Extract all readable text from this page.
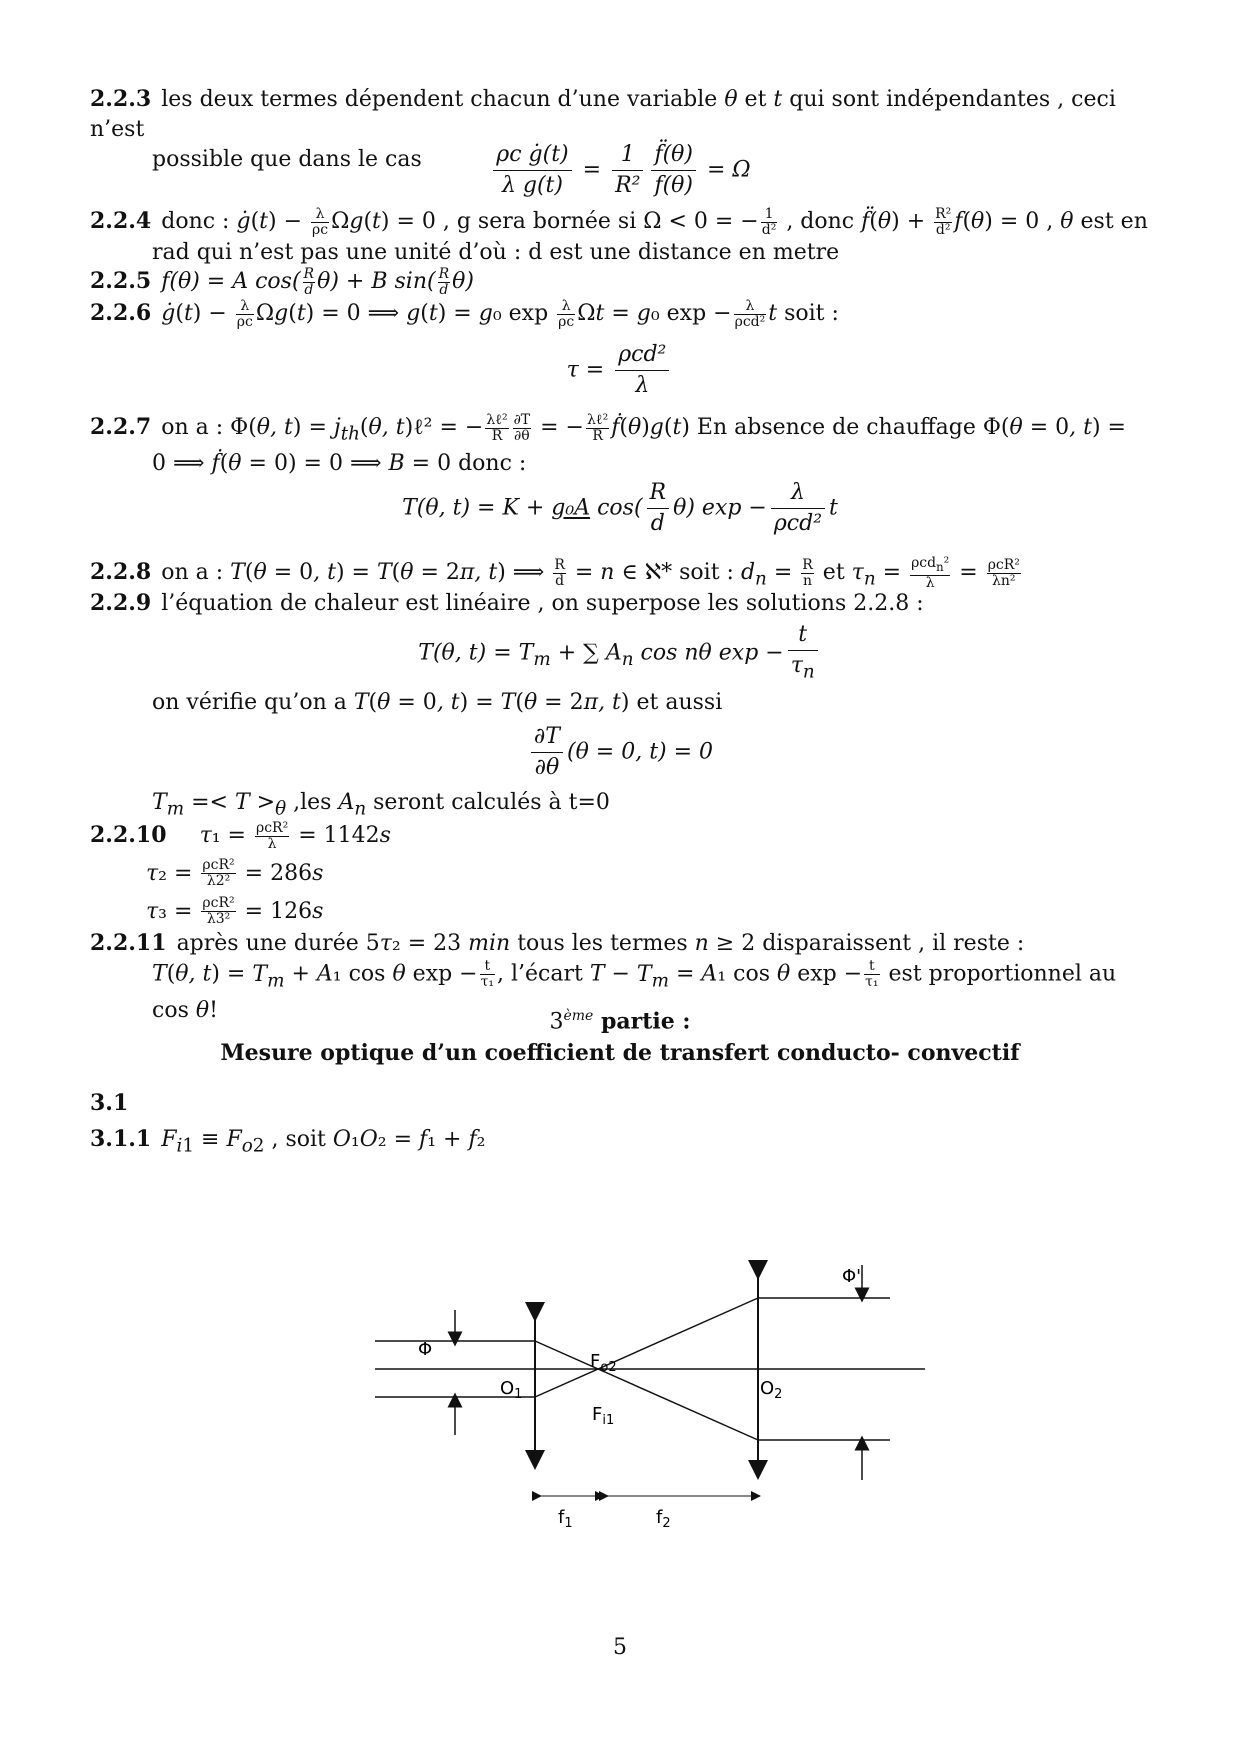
2.2.3 les deux termes dépendent chacun d’une variable θ et t qui sont indépendantes , ceci n’est
possible que dans le cas	$\frac{\text{ρc ġ(t)}}{\text{λ g(t)}} = \frac{1}{\text{R²}} \frac{f̈(\theta)}{f(\theta)} = \Omega$
2.2.4 donc : ġ(t) − $\frac{\lambda}{\rho c} \Omega g(t) = 0$ , g sera bornée si Ω < 0 = − $\frac{1}{\text{d²}}$ , donc f̈(θ) + $\frac{\text{R²}}{\text{d²}} f(\theta) = 0$ , θ est en
rad qui n’est pas une unité d’où : d est une distance en metre
2.2.5 f(θ) = A $\cos( \frac{R}{d} \theta) + B$ $\sin( \frac{R}{d} \theta)$
2.2.6 ġ(t) − $\frac{\lambda}{\rho c} \Omega g(t) = 0$ ⟹ g(t) = g₀ $\exp \frac{\lambda}{\rho c}$ Ωt = g₀ exp − λ
ρcd² t soit :
$\tau = \frac{\text{ρcd²}}{\lambda}$
2.2.7 on a : Φ(θ, $t) = j_{th}(\theta$, t)ℓ² = − λℓ²
R $\frac{\partial T}{\partial\theta}$ = − λℓ²
R ḟ(θ)g(t) En absence de chauffage Φ(θ = 0, t) =
0 ⟹ ḟ(θ = 0) = 0 ⟹ B = 0 donc :
T(θ, t) = K + g₀A $\cos( \frac{R}{d} \theta)$ $\exp - \frac{\lambda}{\text{ρcd²}}$ t
2.2.8 on a : T(θ = 0, t) = T(θ = 2π, t) ⟹ $\frac{R}{d} = n$ ∈ ℵ* soit : $d_n = \frac{R}{n}$ et $\tau_n = \rho cd_n^2$
λ = ρcR²
λn²
2.2.9 l’équation de chaleur est linéaire , on superpose les solutions 2.2.8 :
T(θ, $t) = T_m$ + ∑ $A_n$ cos nθ $\exp - \frac{t}{\tau_n}$
on vérifie qu’on a T(θ = 0, t) = T(θ = 2π, t) et aussi
$\frac{\partial T}{\partial\theta} (\theta = 0$, t) = 0
$T_m =< T >_\theta$ ,les $A_n$ seront calculés à t=0
2.2.10 τ₁ = ρcR²
λ = 1142s
τ₂ = ρcR²
λ2² = 286s
τ₃ = ρcR²
λ3² = 126s
2.2.11 après une durée 5τ₂ = 23 min tous les termes n ≥ 2 disparaissent , il reste :
T(θ, $t) = T_m + A_1$ cos θ $\exp - \frac{t}{\text{τ₁}}$ , l’écart $T - T_m = A_1$ cos θ $\exp - \frac{t}{\text{τ₁}}$ est proportionnel au cos θ!	3ème partie :
Mesure optique d’un coefficient de transfert conducto- convectif
3.1
3.1.1 $F_{i1} \equiv F_{o2}$ , soit O₁O₂ = f₁ + f₂
Φ
Φ'
$F_{o2}$
$F_{i1}$
$O_1$	$O_2$
$f_1$	$f_2$
5
